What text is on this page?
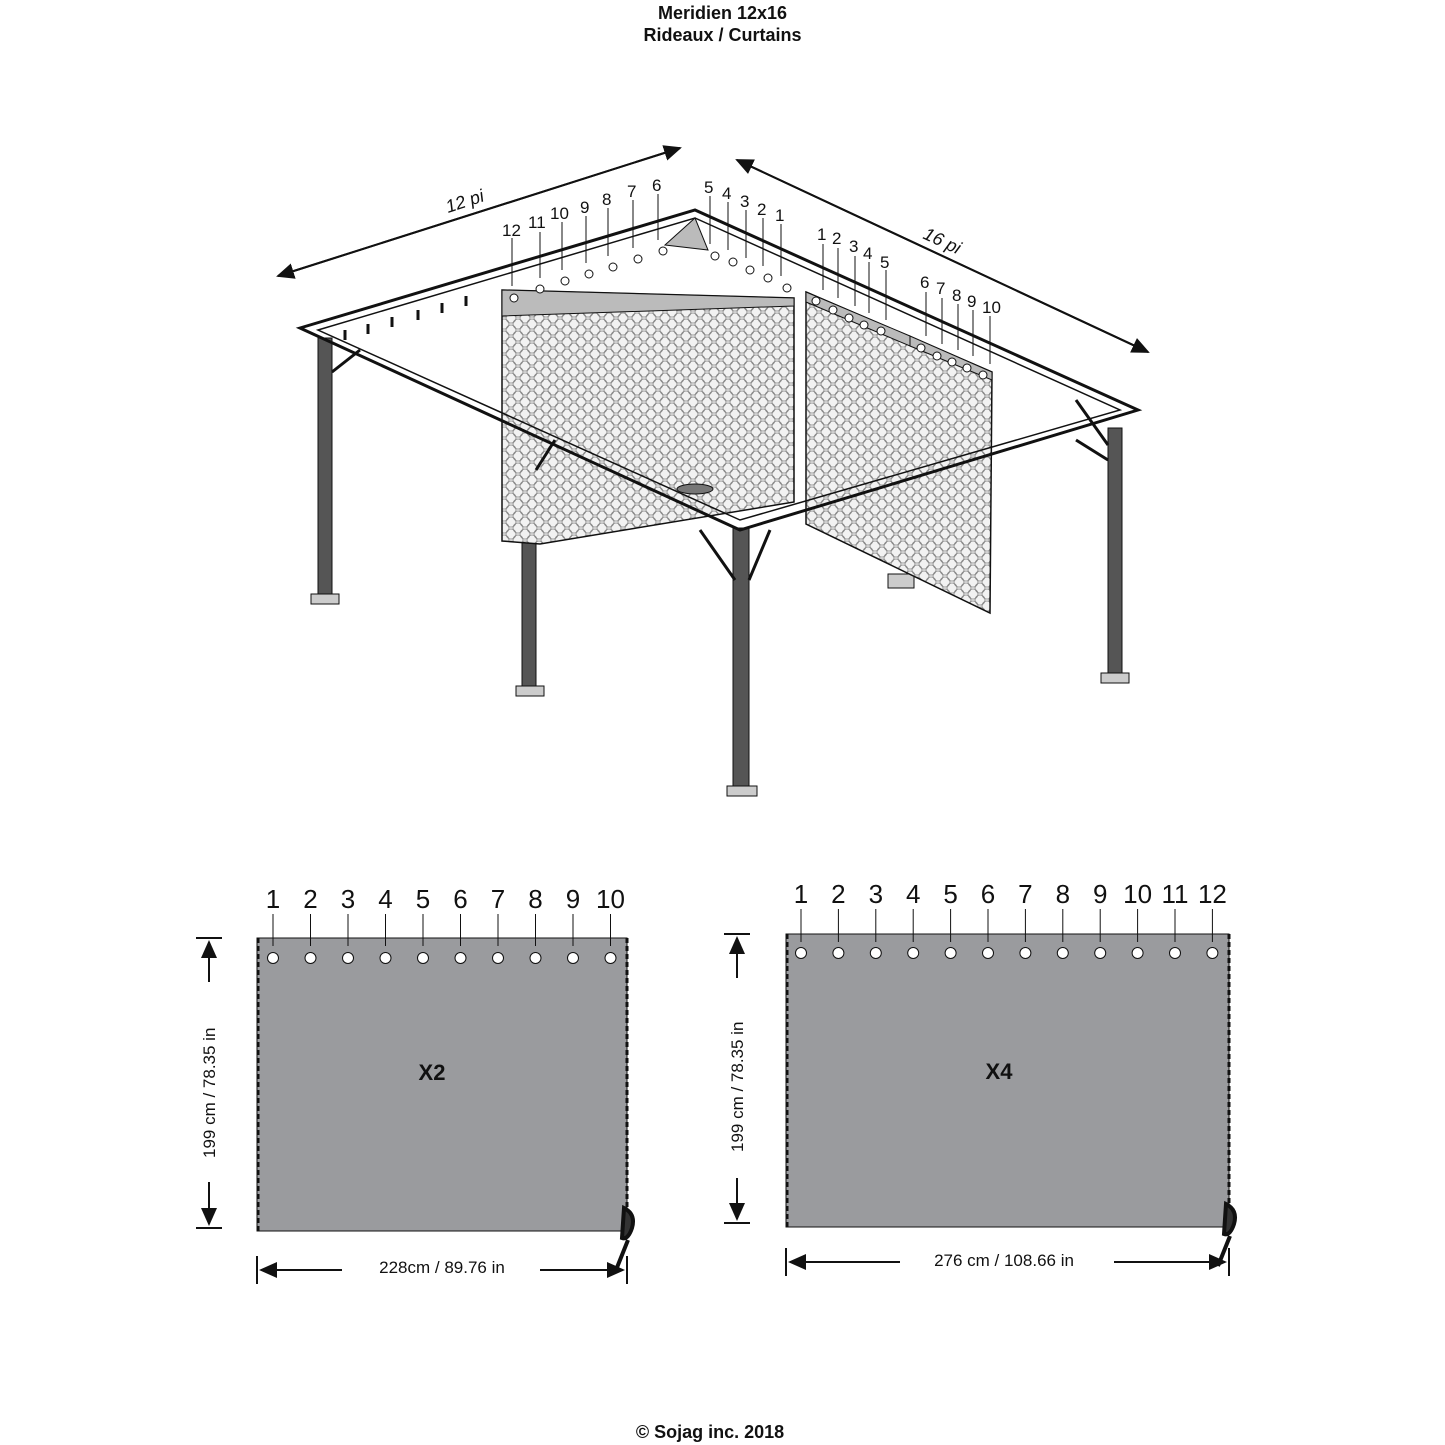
Meridien 12x16
Rideaux / Curtains
12 pi
16 pi
12 11 10 9 8 7 6	5 4 3 2 1
1 2 3 4 5
6 7 8 9 10
199 cm / 78.35 in
228cm / 89.76 in
X2
1 2 3 4 5 6 7 8 9 10
199 cm / 78.35 in
276 cm / 108.66 in
X4
1 2 3 4 5 6 7 8 9 10 11 12
© Sojag inc. 2018
